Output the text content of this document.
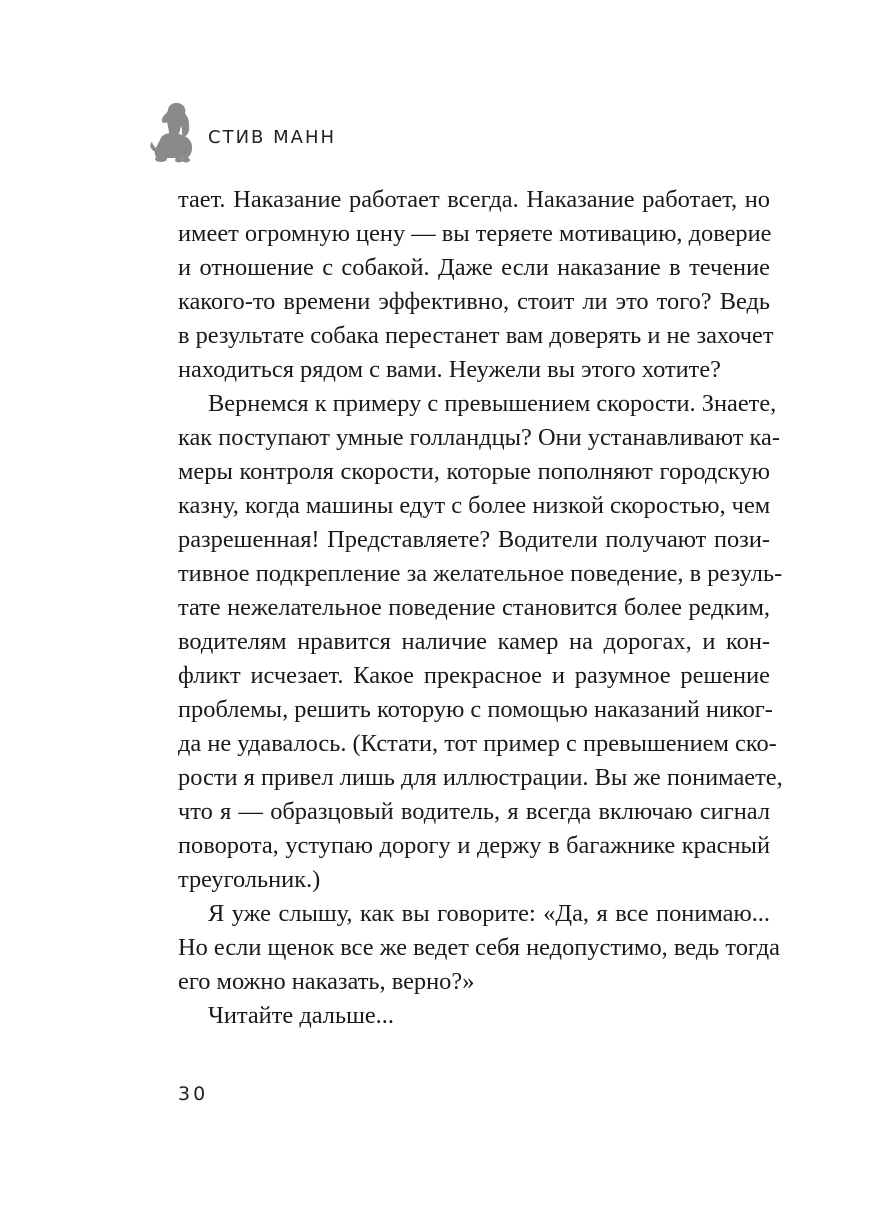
СТИВ МАНН
тает. Наказание работает всегда. Наказание работает, но
имеет огромную цену — вы теряете мотивацию, доверие
и отношение с собакой. Даже если наказание в течение
какого-то времени эффективно, стоит ли это того? Ведь
в результате собака перестанет вам доверять и не захочет
находиться рядом с вами. Неужели вы этого хотите?
Вернемся к примеру с превышением скорости. Знаете,
как поступают умные голландцы? Они устанавливают ка-
меры контроля скорости, которые пополняют городскую
казну, когда машины едут с более низкой скоростью, чем
разрешенная! Представляете? Водители получают пози-
тивное подкрепление за желательное поведение, в резуль-
тате нежелательное поведение становится более редким,
водителям нравится наличие камер на дорогах, и кон-
фликт исчезает. Какое прекрасное и разумное решение
проблемы, решить которую с помощью наказаний никог-
да не удавалось. (Кстати, тот пример с превышением ско-
рости я привел лишь для иллюстрации. Вы же понимаете,
что я — образцовый водитель, я всегда включаю сигнал
поворота, уступаю дорогу и держу в багажнике красный
треугольник.)
Я уже слышу, как вы говорите: «Да, я все понимаю...
Но если щенок все же ведет себя недопустимо, ведь тогда
его можно наказать, верно?»
Читайте дальше...
30
